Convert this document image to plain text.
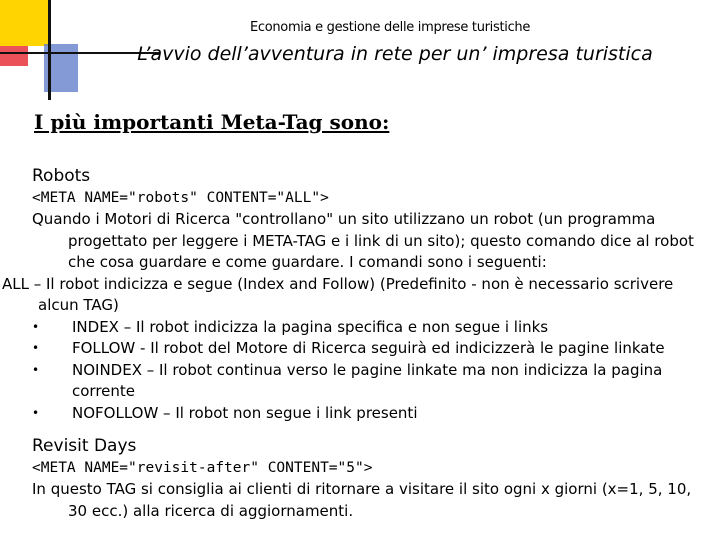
Economia e gestione delle imprese turistiche
L’avvio dell’avventura in rete per un’ impresa turistica
I più importanti Meta-Tag sono:
Robots
<META NAME="robots" CONTENT="ALL">
Quando i Motori di Ricerca "controllano" un sito utilizzano un robot (un programma progettato per leggere i META-TAG e i link di un sito); questo comando dice al robot che cosa guardare e come guardare. I comandi sono i seguenti:
ALL – Il robot indicizza e segue (Index and Follow) (Predefinito - non è necessario scrivere alcun TAG)
•	INDEX – Il robot indicizza la pagina specifica e non segue i links
•	FOLLOW - Il robot del Motore di Ricerca seguirà ed indicizzerà le pagine linkate
•	NOINDEX – Il robot continua verso le pagine linkate ma non indicizza la pagina corrente
•	NOFOLLOW – Il robot non segue i link presenti
Revisit Days
<META NAME="revisit-after" CONTENT="5">
In questo TAG si consiglia ai clienti di ritornare a visitare il sito ogni x giorni (x=1, 5, 10, 30 ecc.) alla ricerca di aggiornamenti.
